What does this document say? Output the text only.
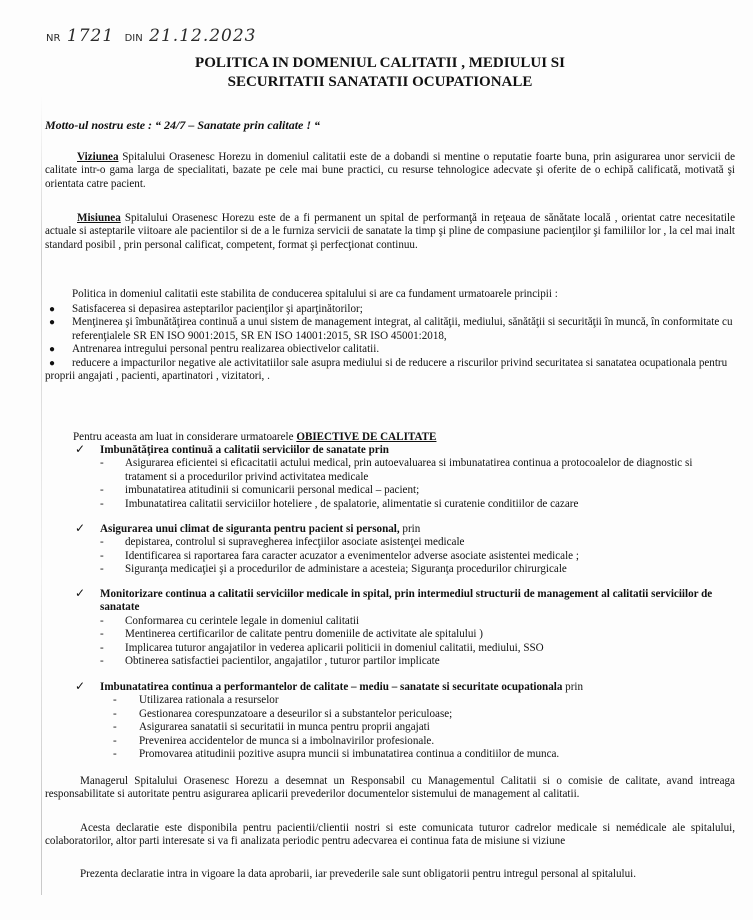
NR 1721 DIN 21.12.2023
POLITICA IN DOMENIUL CALITATII , MEDIULUI SI
SECURITATII SANATATII OCUPATIONALE
Motto-ul nostru este : “ 24/7 – Sanatate prin calitate ! “
Viziunea Spitalului Orasenesc Horezu in domeniul calitatii este de a dobandi si mentine o reputatie foarte buna, prin asigurarea unor servicii de calitate intr-o gama larga de specialitati, bazate pe cele mai bune practici, cu resurse tehnologice adecvate şi oferite de o echipă calificată, motivată şi orientata catre pacient.
Misiunea Spitalului Orasenesc Horezu este de a fi permanent un spital de performanţă in reţeaua de sănătate locală , orientat catre necesitatile actuale si asteptarile viitoare ale pacientilor si de a le furniza servicii de sanatate la timp şi pline de compasiune pacienţilor şi familiilor lor , la cel mai inalt standard posibil , prin personal calificat, competent, format şi perfecţionat continuu.
Politica in domeniul calitatii este stabilita de conducerea spitalului si are ca fundament urmatoarele principii :
● Satisfacerea si depasirea asteptarilor pacienţilor şi aparţinătorilor;
● Menţinerea şi îmbunătăţirea continuă a unui sistem de management integrat, al calităţii, mediului, sănătăţii si securităţii în muncă, în conformitate cu referenţialele SR EN ISO 9001:2015, SR EN ISO 14001:2015, SR ISO 45001:2018,
● Antrenarea intregului personal pentru realizarea obiectivelor calitatii.
● reducere a impacturilor negative ale activitatiilor sale asupra mediului si de reducere a riscurilor privind securitatea si sanatatea ocupationala pentru proprii angajati , pacienti, apartinatori , vizitatori, .
Pentru aceasta am luat in considerare urmatoarele OBIECTIVE DE CALITATE
✓ Imbunătăţirea continuă a calitatii serviciilor de sanatate prin
- Asigurarea eficientei si eficacitatii actului medical, prin autoevaluarea si imbunatatirea continua a protocoalelor de diagnostic si tratament si a procedurilor privind activitatea medicale
- imbunatatirea atitudinii si comunicarii personal medical – pacient;
- Imbunatatirea calitatii serviciilor hoteliere , de spalatorie, alimentatie si curatenie conditiilor de cazare
✓ Asigurarea unui climat de siguranta pentru pacient si personal, prin
- depistarea, controlul si supravegherea infecţiilor asociate asistenţei medicale
- Identificarea si raportarea fara caracter acuzator a evenimentelor adverse asociate asistentei medicale ;
- Siguranţa medicaţiei şi a procedurilor de administare a acesteia; Siguranţa procedurilor chirurgicale
✓ Monitorizare continua a calitatii serviciilor medicale in spital, prin intermediul structurii de management al calitatii serviciilor de sanatate
- Conformarea cu cerintele legale in domeniul calitatii
- Mentinerea certificarilor de calitate pentru domeniile de activitate ale spitalului )
- Implicarea tuturor angajatilor in vederea aplicarii politicii in domeniul calitatii, mediului, SSO
- Obtinerea satisfactiei pacientilor, angajatilor , tuturor partilor implicate
✓ Imbunatatirea continua a performantelor de calitate – mediu – sanatate si securitate ocupationala prin
- Utilizarea rationala a resurselor
- Gestionarea corespunzatoare a deseurilor si a substantelor periculoase;
- Asigurarea sanatatii si securitatii in munca pentru proprii angajati
- Prevenirea accidentelor de munca si a imbolnavirilor profesionale.
- Promovarea atitudinii pozitive asupra muncii si imbunatatirea continua a conditiilor de munca.
Managerul Spitalului Orasenesc Horezu a desemnat un Responsabil cu Managementul Calitatii si o comisie de calitate, avand intreaga responsabilitate si autoritate pentru asigurarea aplicarii prevederilor documentelor sistemului de management al calitatii.
Acesta declaratie este disponibila pentru pacientii/clientii nostri si este comunicata tuturor cadrelor medicale si nemédicale ale spitalului, colaboratorilor, altor parti interesate si va fi analizata periodic pentru adecvarea ei continua fata de misiune si viziune
Prezenta declaratie intra in vigoare la data aprobarii, iar prevederile sale sunt obligatorii pentru intregul personal al spitalului.
